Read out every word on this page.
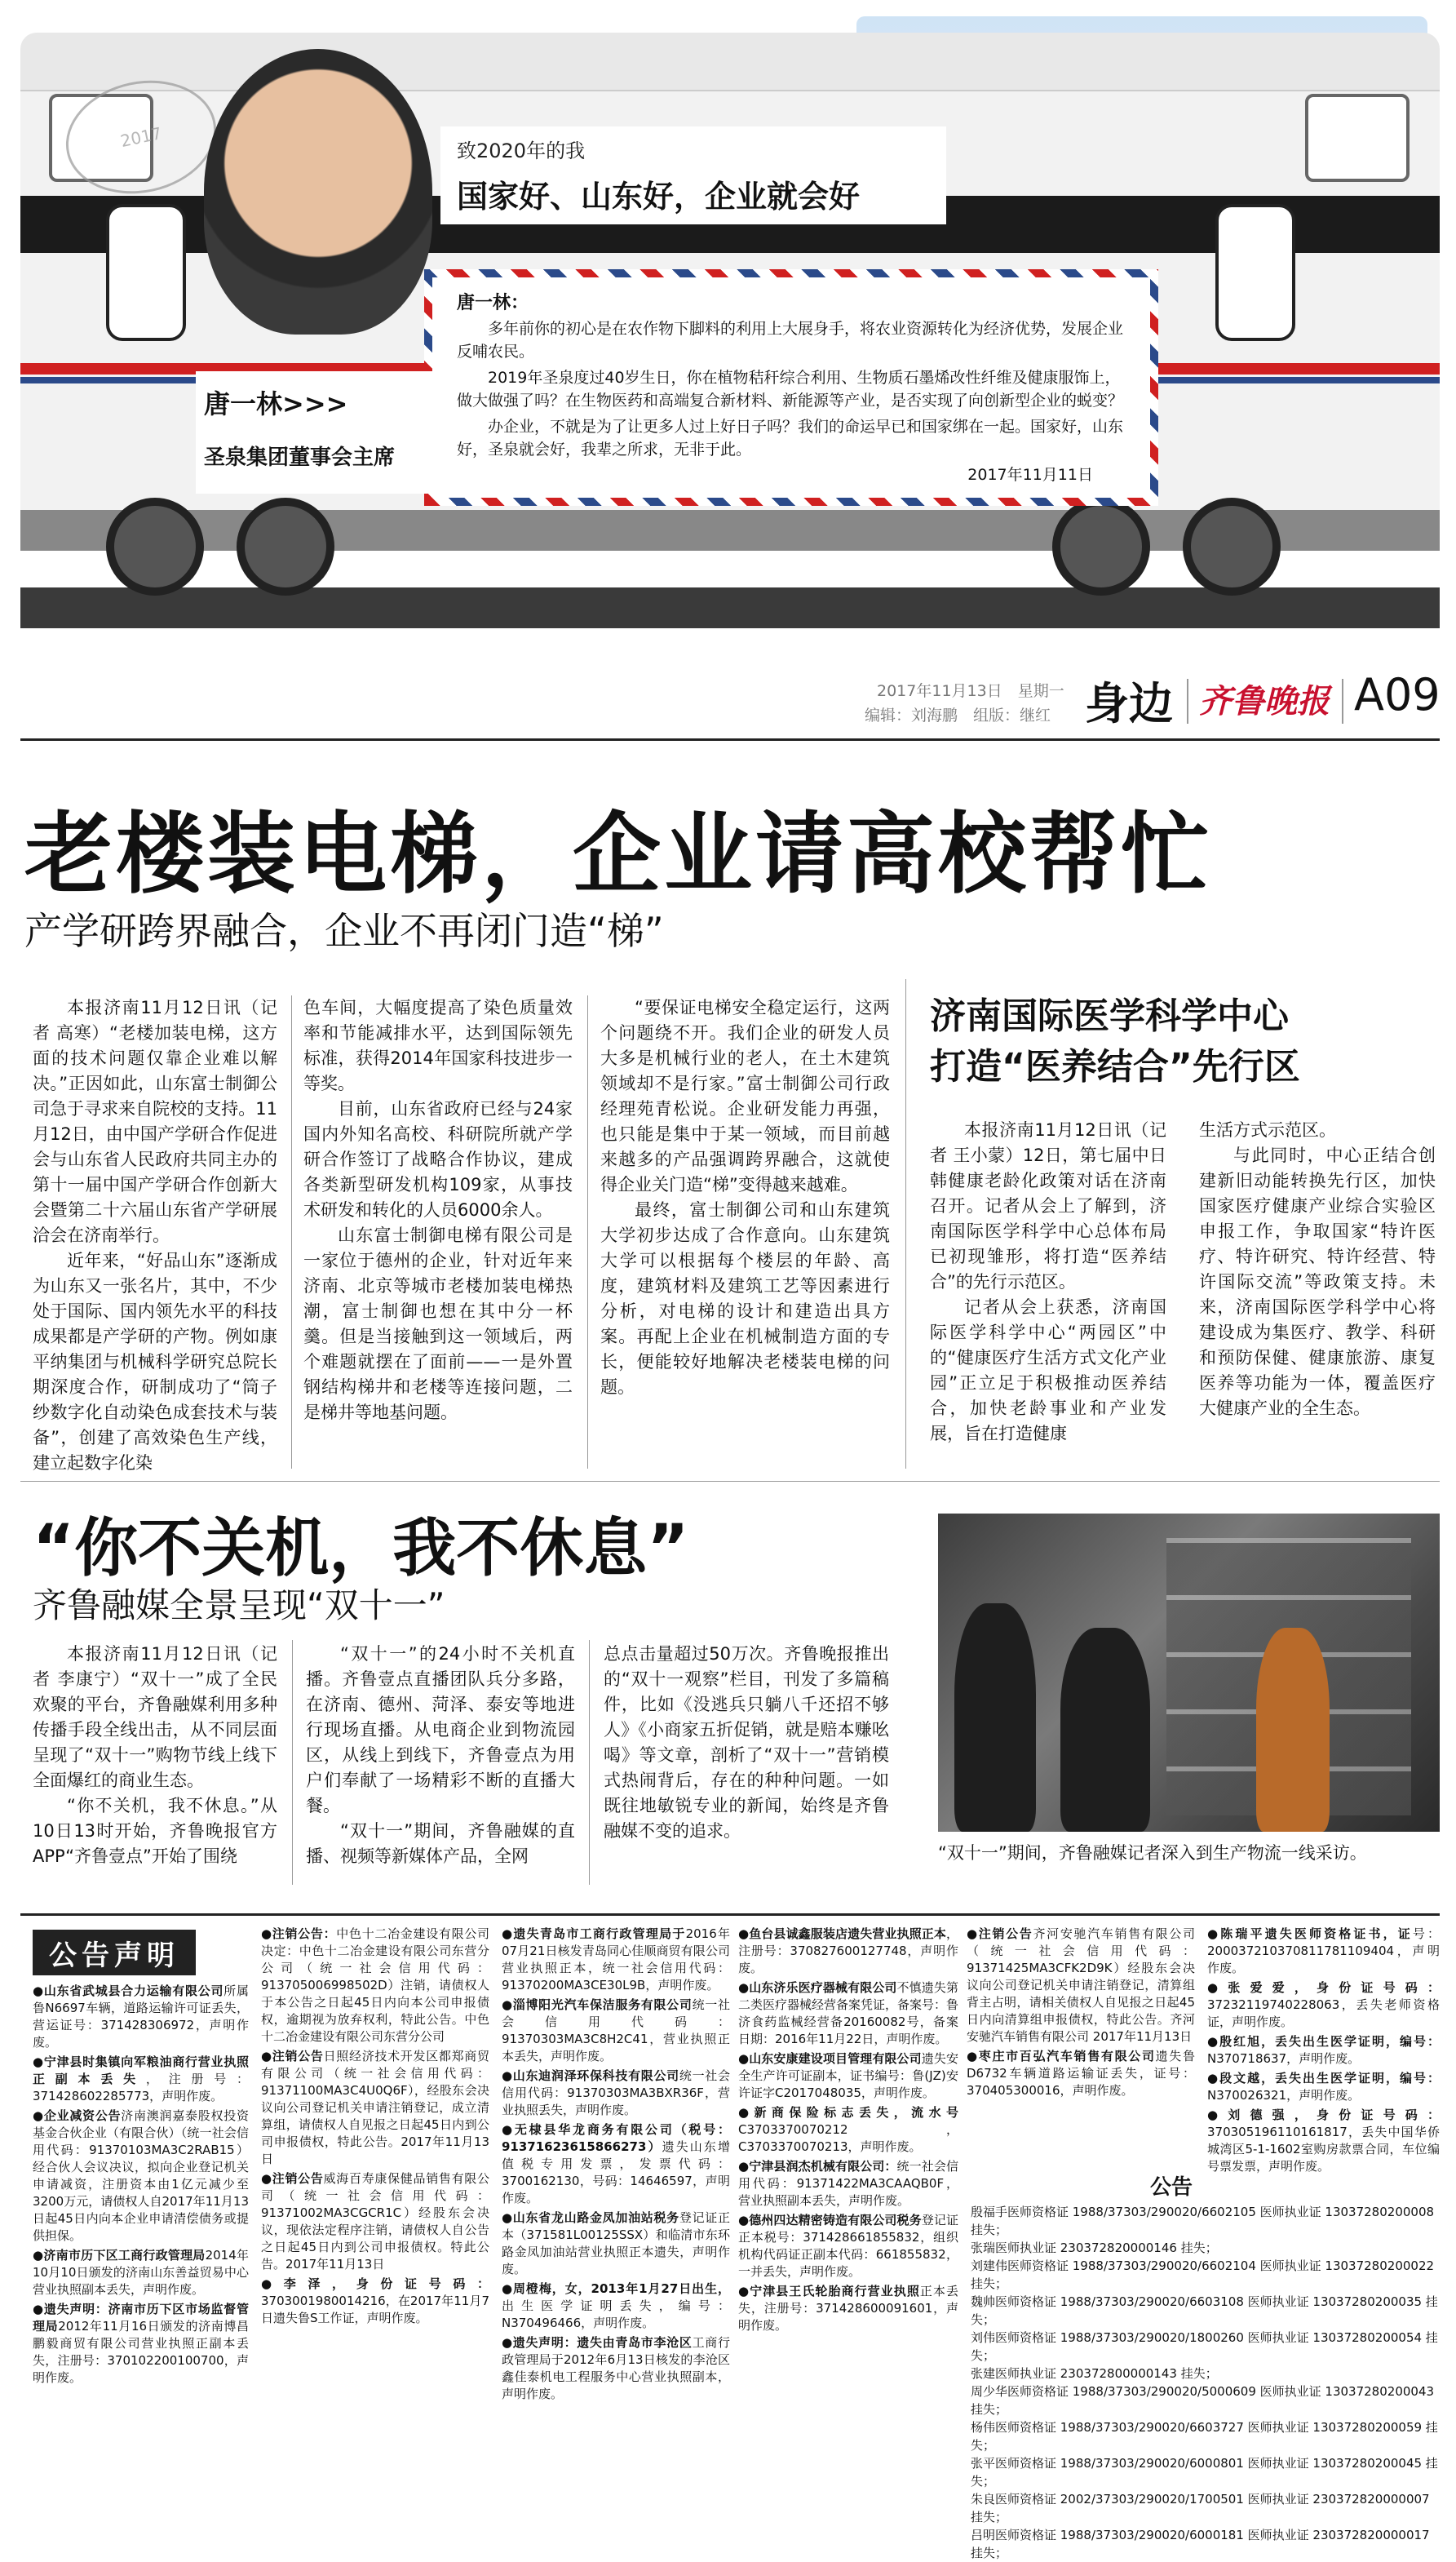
2017	致2020年的我
国家好、山东好，企业就会好
唐一林：

多年前你的初心是在农作物下脚料的利用上大展身手，将农业资源转化为经济优势，发展企业反哺农民。

2019年圣泉度过40岁生日，你在植物秸秆综合利用、生物质石墨烯改性纤维及健康服饰上，做大做强了吗？在生物医药和高端复合新材料、新能源等产业，是否实现了向创新型企业的蜕变？

办企业，不就是为了让更多人过上好日子吗？我们的命运早已和国家绑在一起。国家好，山东好，圣泉就会好，我辈之所求，无非于此。

2017年11月11日
唐一林>>>
圣泉集团董事会主席
2017年11月13日　星期一
编辑：刘海鹏　组版：继红 身边 齐鲁晚报 A09
老楼装电梯，企业请高校帮忙
产学研跨界融合，企业不再闭门造“梯”

本报济南11月12日讯（记者 高寒）“老楼加装电梯，这方面的技术问题仅靠企业难以解决。”正因如此，山东富士制御公司急于寻求来自院校的支持。11月12日，由中国产学研合作促进会与山东省人民政府共同主办的第十一届中国产学研合作创新大会暨第二十六届山东省产学研展洽会在济南举行。

近年来，“好品山东”逐渐成为山东又一张名片，其中，不少处于国际、国内领先水平的科技成果都是产学研的产物。例如康平纳集团与机械科学研究总院长期深度合作，研制成功了“筒子纱数字化自动染色成套技术与装备”，创建了高效染色生产线，建立起数字化染

色车间，大幅度提高了染色质量效率和节能减排水平，达到国际领先标准，获得2014年国家科技进步一等奖。

目前，山东省政府已经与24家国内外知名高校、科研院所就产学研合作签订了战略合作协议，建成各类新型研发机构109家，从事技术研发和转化的人员6000余人。

山东富士制御电梯有限公司是一家位于德州的企业，针对近年来济南、北京等城市老楼加装电梯热潮，富士制御也想在其中分一杯羹。但是当接触到这一领域后，两个难题就摆在了面前——一是外置钢结构梯井和老楼等连接问题，二是梯井等地基问题。

“要保证电梯安全稳定运行，这两个问题绕不开。我们企业的研发人员大多是机械行业的老人，在土木建筑领域却不是行家。”富士制御公司行政经理苑青松说。企业研发能力再强，也只能是集中于某一领域，而目前越来越多的产品强调跨界融合，这就使得企业关门造“梯”变得越来越难。

最终，富士制御公司和山东建筑大学初步达成了合作意向。山东建筑大学可以根据每个楼层的年龄、高度，建筑材料及建筑工艺等因素进行分析，对电梯的设计和建造出具方案。再配上企业在机械制造方面的专长，便能较好地解决老楼装电梯的问题。

济南国际医学科学中心
打造“医养结合”先行区

本报济南11月12日讯（记者 王小蒙）12日，第七届中日韩健康老龄化政策对话在济南召开。记者从会上了解到，济南国际医学科学中心总体布局已初现雏形，将打造“医养结合”的先行示范区。

记者从会上获悉，济南国际医学科学中心“两园区”中的“健康医疗生活方式文化产业园”正立足于积极推动医养结合，加快老龄事业和产业发展，旨在打造健康

生活方式示范区。

与此同时，中心正结合创建新旧动能转换先行区，加快国家医疗健康产业综合实验区申报工作，争取国家“特许医疗、特许研究、特许经营、特许国际交流”等政策支持。未来，济南国际医学科学中心将建设成为集医疗、教学、科研和预防保健、健康旅游、康复医养等功能为一体，覆盖医疗大健康产业的全生态。

“你不关机，我不休息”
齐鲁融媒全景呈现“双十一”

本报济南11月12日讯（记者 李康宁）“双十一”成了全民欢聚的平台，齐鲁融媒利用多种传播手段全线出击，从不同层面呈现了“双十一”购物节线上线下全面爆红的商业生态。

“你不关机，我不休息。”从10日13时开始，齐鲁晚报官方APP“齐鲁壹点”开始了围绕

“双十一”的24小时不关机直播。齐鲁壹点直播团队兵分多路，在济南、德州、菏泽、泰安等地进行现场直播。从电商企业到物流园区，从线上到线下，齐鲁壹点为用户们奉献了一场精彩不断的直播大餐。

“双十一”期间，齐鲁融媒的直播、视频等新媒体产品，全网

总点击量超过50万次。齐鲁晚报推出的“双十一观察”栏目，刊发了多篇稿件，比如《没逃兵只躺八千还招不够人》《小商家五折促销，就是赔本赚吆喝》等文章，剖析了“双十一”营销模式热闹背后，存在的种种问题。一如既往地敏锐专业的新闻，始终是齐鲁融媒不变的追求。

“双十一”期间，齐鲁融媒记者深入到生产物流一线采访。
公告声明

●山东省武城县合力运输有限公司所属鲁N6697车辆，道路运输许可证丢失，营运证号：371428306972，声明作废。

●宁津县时集镇向军粮油商行营业执照正副本丢失，注册号：371428602285773，声明作废。

●企业减资公告济南澳润嘉泰股权投资基金合伙企业（有限合伙）（统一社会信用代码：91370103MA3C2RAB15）经合伙人会议决议，拟向企业登记机关申请减资，注册资本由1亿元减少至3200万元，请债权人自2017年11月13日起45日内向本企业申请清偿债务或提供担保。

●济南市历下区工商行政管理局2014年10月10日颁发的济南山东善益贸易中心营业执照副本丢失，声明作废。

●遗失声明：济南市历下区市场监督管理局2012年11月16日颁发的济南博昌鹏毅商贸有限公司营业执照正副本丢失，注册号：370102200100700，声明作废。

●注销公告：中色十二冶金建设有限公司决定：中色十二冶金建设有限公司东营分公司（统一社会信用代码：913705006998502D）注销，请债权人于本公告之日起45日内向本公司申报债权，逾期视为放弃权利，特此公告。中色十二冶金建设有限公司东营分公司

●注销公告日照经济技术开发区都郑商贸有限公司（统一社会信用代码：91371100MA3C4U0Q6F），经股东会决议向公司登记机关申请注销登记，成立清算组，请债权人自见报之日起45日内到公司申报债权，特此公告。2017年11月13日

●注销公告威海百寿康保健品销售有限公司（统一社会信用代码：91371002MA3CGCR1C）经股东会决议，现依法定程序注销，请债权人自公告之日起45日内到公司申报债权。特此公告。2017年11月13日

●李泽，身份证号码：3703001980014216，在2017年11月7日遗失鲁S工作证，声明作废。

●遗失青岛市工商行政管理局于2016年07月21日核发青岛同心佳顺商贸有限公司营业执照正本，统一社会信用代码：91370200MA3CE30L9B，声明作废。

●淄博阳光汽车保洁服务有限公司统一社会信用代码：91370303MA3C8H2C41，营业执照正本丢失，声明作废。

●山东迪润泽环保科技有限公司统一社会信用代码：91370303MA3BXR36F，营业执照丢失，声明作废。

●无棣县华龙商务有限公司（税号：91371623615866273）遗失山东增值税专用发票，发票代码：3700162130，号码：14646597，声明作废。

●山东省龙山路金凤加油站税务登记证正本（371581L00125SSX）和临清市东环路金凤加油站营业执照正本遗失，声明作废。

●周橙梅，女，2013年1月27日出生，出生医学证明丢失，编号：N370496466，声明作废。

●遗失声明：遗失由青岛市李沧区工商行政管理局于2012年6月13日核发的李沧区鑫佳泰机电工程服务中心营业执照副本，声明作废。

●鱼台县诚鑫服装店遗失营业执照正本，注册号：370827600127748，声明作废。

●山东济乐医疗器械有限公司不慎遗失第二类医疗器械经营备案凭证，备案号：鲁济食药监械经营备20160082号，备案日期：2016年11月22日，声明作废。

●山东安康建设项目管理有限公司遗失安全生产许可证副本，证书编号：鲁(JZ)安许证字C2017048035，声明作废。

●新商保险标志丢失，流水号C3703370070212，C3703370070213，声明作废。

●宁津县润杰机械有限公司：统一社会信用代码：91371422MA3CAAQB0F，营业执照副本丢失，声明作废。

●德州四达精密铸造有限公司税务登记证正本税号：371428661855832，组织机构代码证正副本代码：661855832，一并丢失，声明作废。

●宁津县王氏轮胎商行营业执照正本丢失，注册号：371428600091601，声明作废。

●注销公告齐河安驰汽车销售有限公司（统一社会信用代码：91371425MA3CFK2D9K）经股东会决议向公司登记机关申请注销登记，清算组背主占明，请相关债权人自见报之日起45日内向清算组申报债权，特此公告。齐河安驰汽车销售有限公司 2017年11月13日

●枣庄市百弘汽车销售有限公司遗失鲁D6732车辆道路运输证丢失，证号：370405300016，声明作废。

●陈瑞平遗失医师资格证书，证号：200037210370811781109404，声明作废。

●张爱爱，身份证号码：37232119740228063，丢失老师资格证，声明作废。

●殷红旭，丢失出生医学证明，编号：N370718637，声明作废。

●段文越，丢失出生医学证明，编号：N370026321，声明作废。

●刘德强，身份证号码：370305196110161817，丢失中国华侨城湾区5-1-1602室购房款票合同，车位编号票发票，声明作废。

公告
殷福手医师资格证 1988/37303/290020/6602105 医师执业证 13037280200008 挂失；
张瑞医师执业证 230372820000146 挂失；
刘建伟医师资格证 1988/37303/290020/6602104 医师执业证 13037280200022 挂失；
魏帅医师资格证 1988/37303/290020/6603108 医师执业证 13037280200035 挂失；
刘伟医师资格证 1988/37303/290020/1800260 医师执业证 13037280200054 挂失；
张建医师执业证 230372800000143 挂失；
周少华医师资格证 1988/37303/290020/5000609 医师执业证 13037280200043 挂失；
杨伟医师资格证 1988/37303/290020/6603727 医师执业证 13037280200059 挂失；
张平医师资格证 1988/37303/290020/6000801 医师执业证 13037280200045 挂失；
朱良医师资格证 2002/37303/290020/1700501 医师执业证 230372820000007 挂失；
吕明医师资格证 1988/37303/290020/6000181 医师执业证 230372820000017 挂失；
